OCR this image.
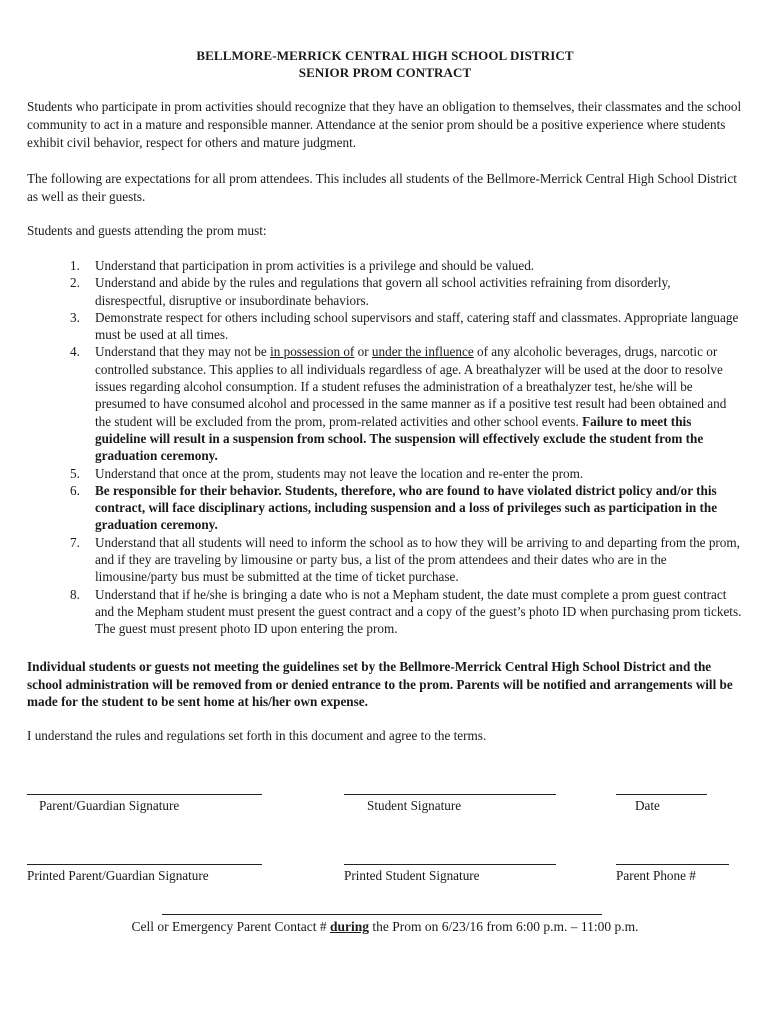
BELLMORE-MERRICK CENTRAL HIGH SCHOOL DISTRICT
SENIOR PROM CONTRACT
Students who participate in prom activities should recognize that they have an obligation to themselves, their classmates and the school community to act in a mature and responsible manner. Attendance at the senior prom should be a positive experience where students exhibit civil behavior, respect for others and mature judgment.
The following are expectations for all prom attendees. This includes all students of the Bellmore-Merrick Central High School District as well as their guests.
Students and guests attending the prom must:
1. Understand that participation in prom activities is a privilege and should be valued.
2. Understand and abide by the rules and regulations that govern all school activities refraining from disorderly, disrespectful, disruptive or insubordinate behaviors.
3. Demonstrate respect for others including school supervisors and staff, catering staff and classmates. Appropriate language must be used at all times.
4. Understand that they may not be in possession of or under the influence of any alcoholic beverages, drugs, narcotic or controlled substance. This applies to all individuals regardless of age. A breathalyzer will be used at the door to resolve issues regarding alcohol consumption. If a student refuses the administration of a breathalyzer test, he/she will be presumed to have consumed alcohol and processed in the same manner as if a positive test result had been obtained and the student will be excluded from the prom, prom-related activities and other school events. Failure to meet this guideline will result in a suspension from school. The suspension will effectively exclude the student from the graduation ceremony.
5. Understand that once at the prom, students may not leave the location and re-enter the prom.
6. Be responsible for their behavior. Students, therefore, who are found to have violated district policy and/or this contract, will face disciplinary actions, including suspension and a loss of privileges such as participation in the graduation ceremony.
7. Understand that all students will need to inform the school as to how they will be arriving to and departing from the prom, and if they are traveling by limousine or party bus, a list of the prom attendees and their dates who are in the limousine/party bus must be submitted at the time of ticket purchase.
8. Understand that if he/she is bringing a date who is not a Mepham student, the date must complete a prom guest contract and the Mepham student must present the guest contract and a copy of the guest’s photo ID when purchasing prom tickets. The guest must present photo ID upon entering the prom.
Individual students or guests not meeting the guidelines set by the Bellmore-Merrick Central High School District and the school administration will be removed from or denied entrance to the prom. Parents will be notified and arrangements will be made for the student to be sent home at his/her own expense.
I understand the rules and regulations set forth in this document and agree to the terms.
Parent/Guardian Signature	Student Signature	Date
Printed Parent/Guardian Signature	Printed Student Signature	Parent Phone #
Cell or Emergency Parent Contact # during the Prom on 6/23/16 from 6:00 p.m. – 11:00 p.m.
